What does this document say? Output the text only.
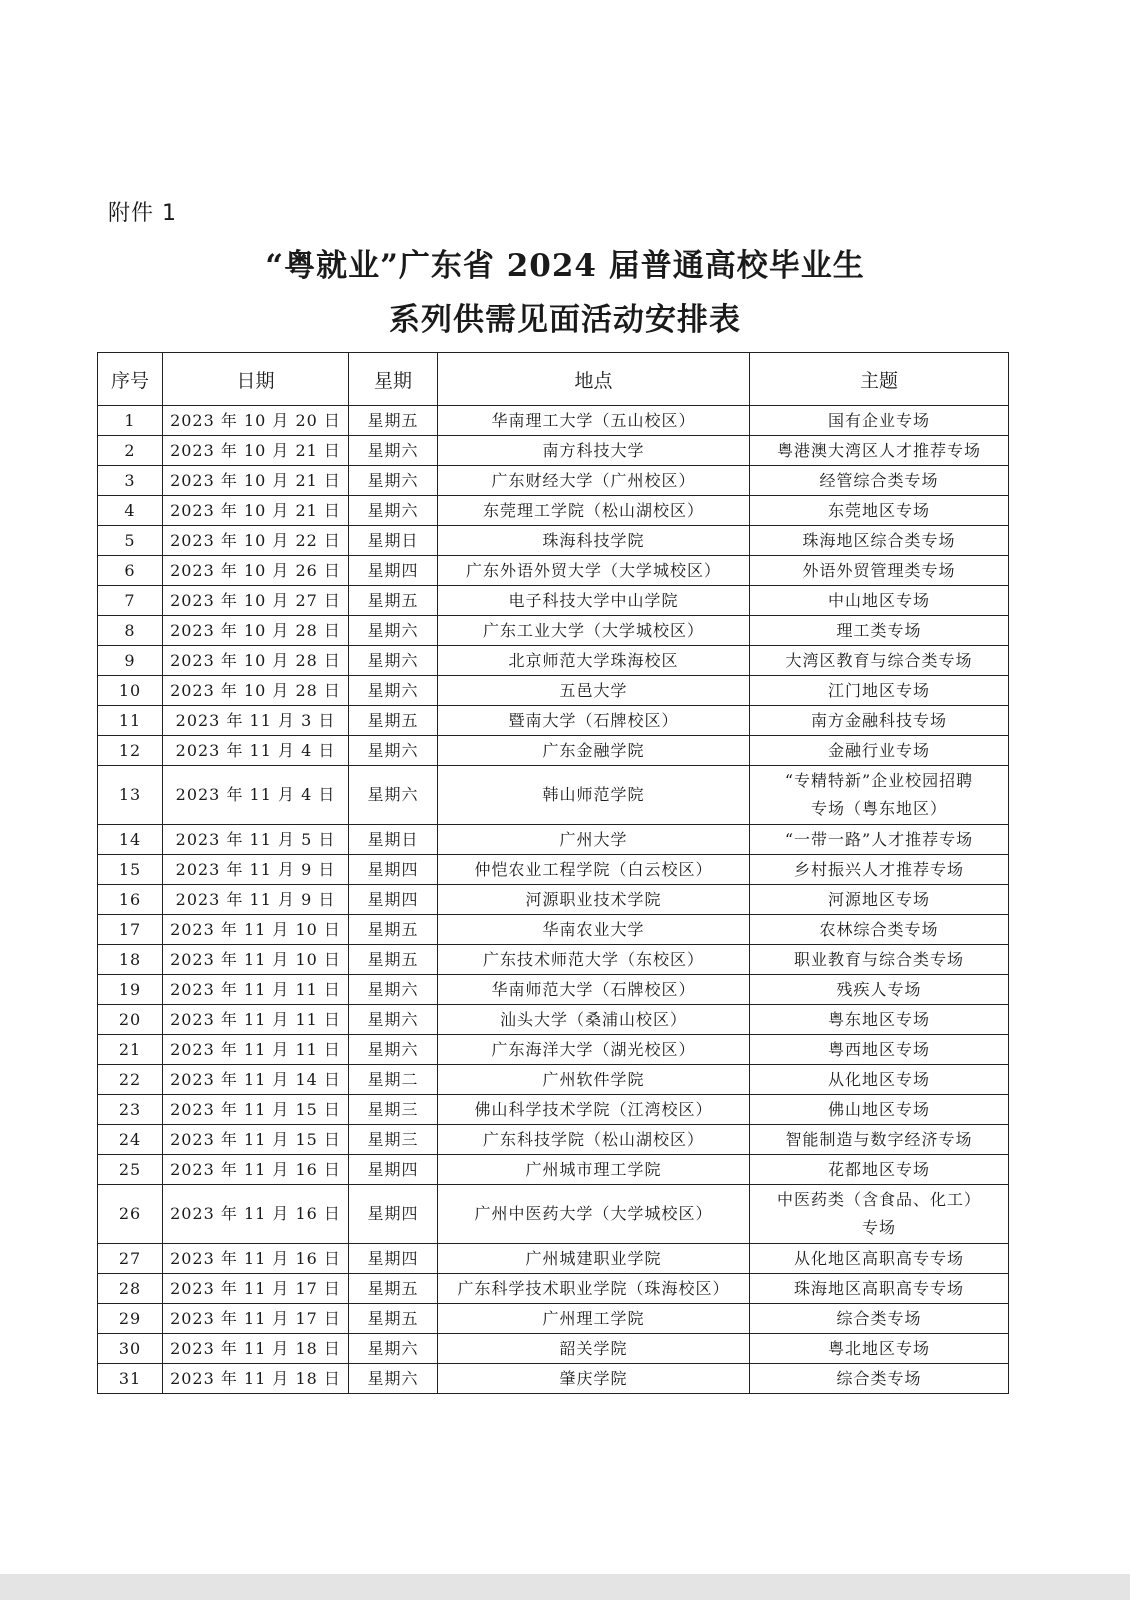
附件 1
“粤就业”广东省 2024 届普通高校毕业生
系列供需见面活动安排表
序号	日期	星期	地点	主题
1	2023 年 10 月 20 日	星期五	华南理工大学（五山校区）	国有企业专场

2	2023 年 10 月 21 日	星期六	南方科技大学	粤港澳大湾区人才推荐专场

3	2023 年 10 月 21 日	星期六	广东财经大学（广州校区）	经管综合类专场

4	2023 年 10 月 21 日	星期六	东莞理工学院（松山湖校区）	东莞地区专场

5	2023 年 10 月 22 日	星期日	珠海科技学院	珠海地区综合类专场

6	2023 年 10 月 26 日	星期四	广东外语外贸大学（大学城校区）	外语外贸管理类专场

7	2023 年 10 月 27 日	星期五	电子科技大学中山学院	中山地区专场

8	2023 年 10 月 28 日	星期六	广东工业大学（大学城校区）	理工类专场

9	2023 年 10 月 28 日	星期六	北京师范大学珠海校区	大湾区教育与综合类专场

10	2023 年 10 月 28 日	星期六	五邑大学	江门地区专场

11	2023 年 11 月 3 日	星期五	暨南大学（石牌校区）	南方金融科技专场

12	2023 年 11 月 4 日	星期六	广东金融学院	金融行业专场

13	2023 年 11 月 4 日	星期六	韩山师范学院	“专精特新”企业校园招聘
专场（粤东地区）

14	2023 年 11 月 5 日	星期日	广州大学	“一带一路”人才推荐专场

15	2023 年 11 月 9 日	星期四	仲恺农业工程学院（白云校区）	乡村振兴人才推荐专场

16	2023 年 11 月 9 日	星期四	河源职业技术学院	河源地区专场

17	2023 年 11 月 10 日	星期五	华南农业大学	农林综合类专场

18	2023 年 11 月 10 日	星期五	广东技术师范大学（东校区）	职业教育与综合类专场

19	2023 年 11 月 11 日	星期六	华南师范大学（石牌校区）	残疾人专场

20	2023 年 11 月 11 日	星期六	汕头大学（桑浦山校区）	粤东地区专场

21	2023 年 11 月 11 日	星期六	广东海洋大学（湖光校区）	粤西地区专场

22	2023 年 11 月 14 日	星期二	广州软件学院	从化地区专场

23	2023 年 11 月 15 日	星期三	佛山科学技术学院（江湾校区）	佛山地区专场

24	2023 年 11 月 15 日	星期三	广东科技学院（松山湖校区）	智能制造与数字经济专场

25	2023 年 11 月 16 日	星期四	广州城市理工学院	花都地区专场

26	2023 年 11 月 16 日	星期四	广州中医药大学（大学城校区）	中医药类（含食品、化工）
专场

27	2023 年 11 月 16 日	星期四	广州城建职业学院	从化地区高职高专专场

28	2023 年 11 月 17 日	星期五	广东科学技术职业学院（珠海校区）	珠海地区高职高专专场

29	2023 年 11 月 17 日	星期五	广州理工学院	综合类专场

30	2023 年 11 月 18 日	星期六	韶关学院	粤北地区专场

31	2023 年 11 月 18 日	星期六	肇庆学院	综合类专场
